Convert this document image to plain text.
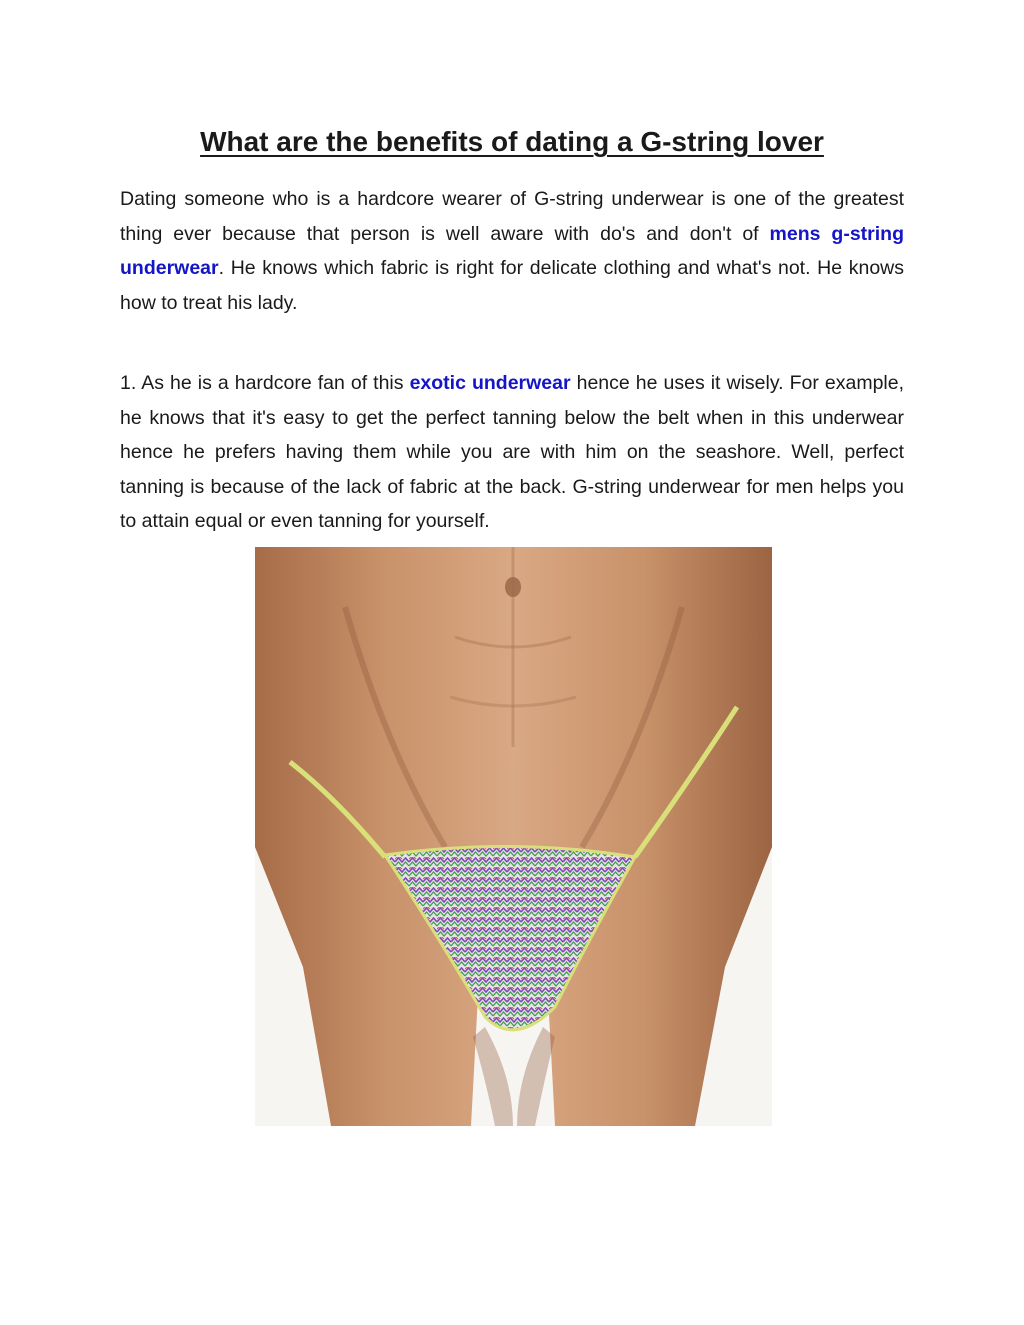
What are the benefits of dating a G-string lover

Dating someone who is a hardcore wearer of G-string underwear is one of the greatest thing ever because that person is well aware with do's and don't of mens g-string underwear. He knows which fabric is right for delicate clothing and what's not. He knows how to treat his lady.

1. As he is a hardcore fan of this exotic underwear hence he uses it wisely. For example, he knows that it's easy to get the perfect tanning below the belt when in this underwear hence he prefers having them while you are with him on the seashore. Well, perfect tanning is because of the lack of fabric at the back. G-string underwear for men helps you to attain equal or even tanning for yourself.
